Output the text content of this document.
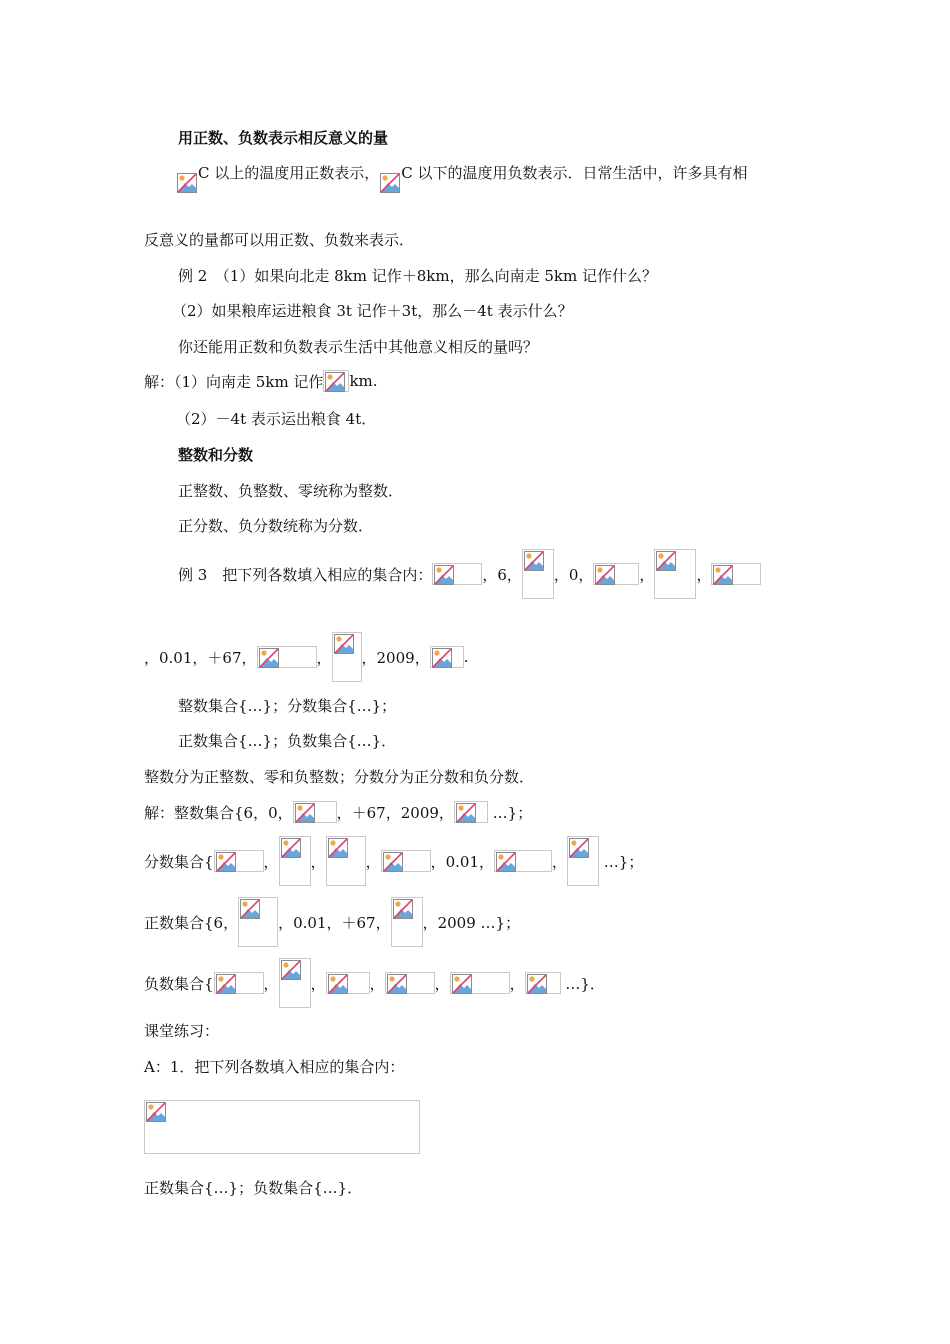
用正数、负数表示相反意义的量
C 以上的温度用正数表示， C 以下的温度用负数表示．日常生活中，许多具有相
反意义的量都可以用正数、负数来表示．
例 2　（1）如果向北走 8km 记作＋8km，那么向南走 5km 记作什么？
（2）如果粮库运进粮食 3t 记作＋3t，那么－4t 表示什么？
你还能用正数和负数表示生活中其他意义相反的量吗？
解：（1）向南走 5km 记作 km.
（2）－4t 表示运出粮食 4t．
整数和分数
正整数、负整数、零统称为整数．
正分数、负分数统称为分数．
例 3　把下列各数填入相应的集合内：	，6， ，0，	，	，
，0.01，＋67，	， ，2009， .
整数集合{…}；分数集合{…}；
正数集合{…}；负数集合{…}．
整数分为正整数、零和负整数；分数分为正分数和负分数．
解：整数集合{6，0，	，＋67，2009， …}；
分数集合{	， ，	，	，0.01，	， …}；
正数集合{6，	，0.01，＋67， ，2009 …}；
负数集合{	， ，	，	，	， …}．
课堂练习：
A：1．把下列各数填入相应的集合内：
正数集合{…}；负数集合{…}．
